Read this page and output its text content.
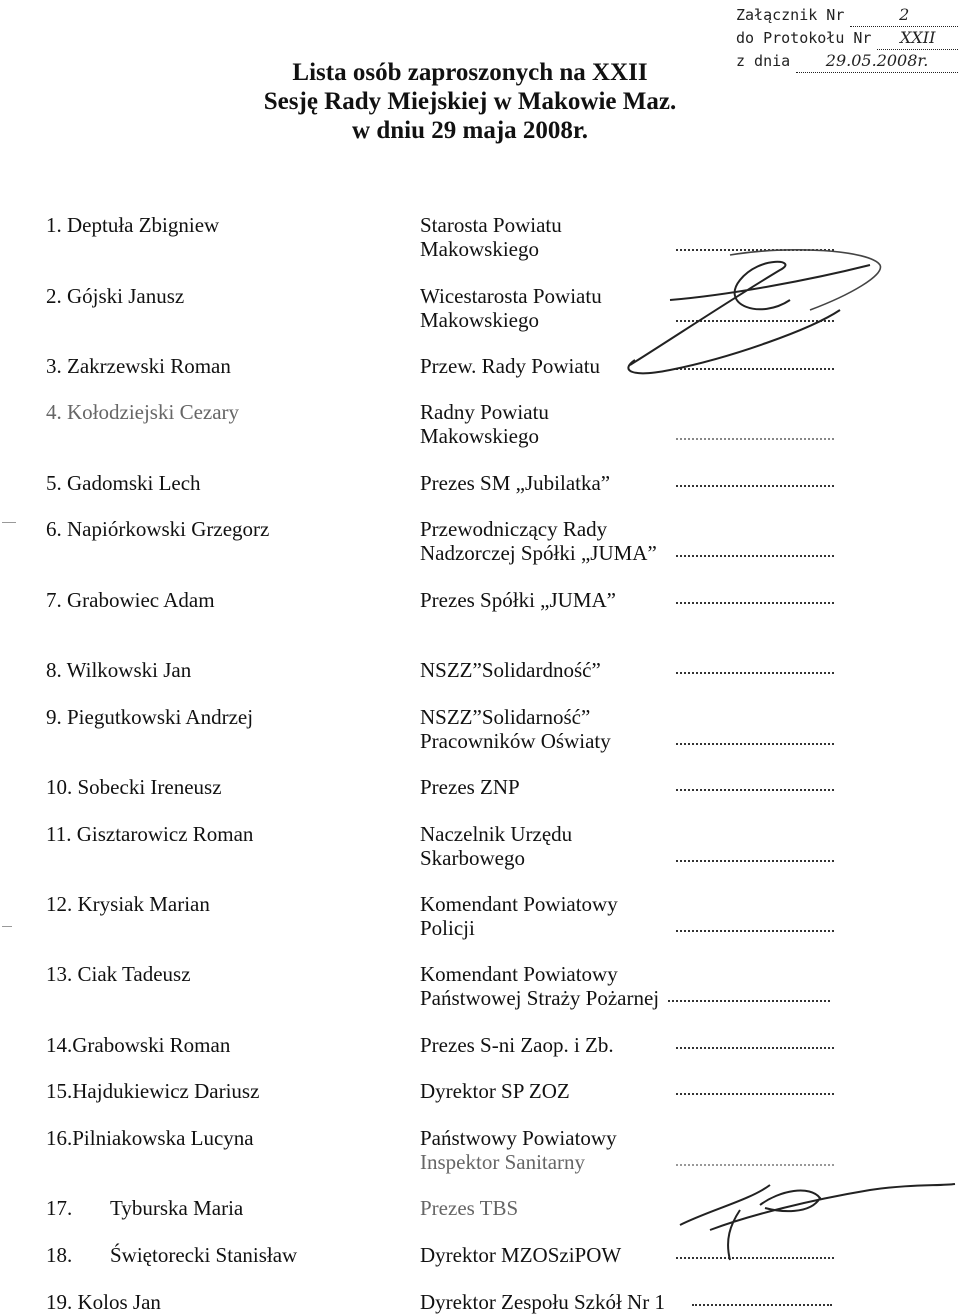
Załącznik Nr	2
do Protokołu Nr	XXII
z dnia	29.05.2008r.
Lista osób zaproszonych na XXII
Sesję Rady Miejskiej w Makowie Maz.
w dniu 29 maja 2008r.
1. Deptuła Zbigniew	Starosta Powiatu
Makowskiego
2. Gójski Janusz	Wicestarosta Powiatu
Makowskiego
3. Zakrzewski Roman	Przew. Rady Powiatu
4. Kołodziejski Cezary	Radny Powiatu
Makowskiego
5. Gadomski Lech	Prezes SM „Jubilatka”
6. Napiórkowski Grzegorz	Przewodniczący Rady
Nadzorczej Spółki „JUMA”
7. Grabowiec Adam	Prezes Spółki „JUMA”
8. Wilkowski Jan	NSZZ”Solidardność”
9. Piegutkowski Andrzej	NSZZ”Solidarność”
Pracowników Oświaty
10. Sobecki Ireneusz	Prezes ZNP
11. Gisztarowicz Roman	Naczelnik Urzędu
Skarbowego
12. Krysiak Marian	Komendant Powiatowy
Policji
13. Ciak Tadeusz	Komendant Powiatowy
Państwowej Straży Pożarnej
14.Grabowski Roman	Prezes S-ni Zaop. i Zb.
15.Hajdukiewicz Dariusz	Dyrektor SP ZOZ
16.Pilniakowska Lucyna	Państwowy Powiatowy
Inspektor Sanitarny
17. Tyburska Maria	Prezes TBS
18. Świętorecki Stanisław	Dyrektor MZOSziPOW
19. Kolos Jan	Dyrektor Zespołu Szkół Nr 1
